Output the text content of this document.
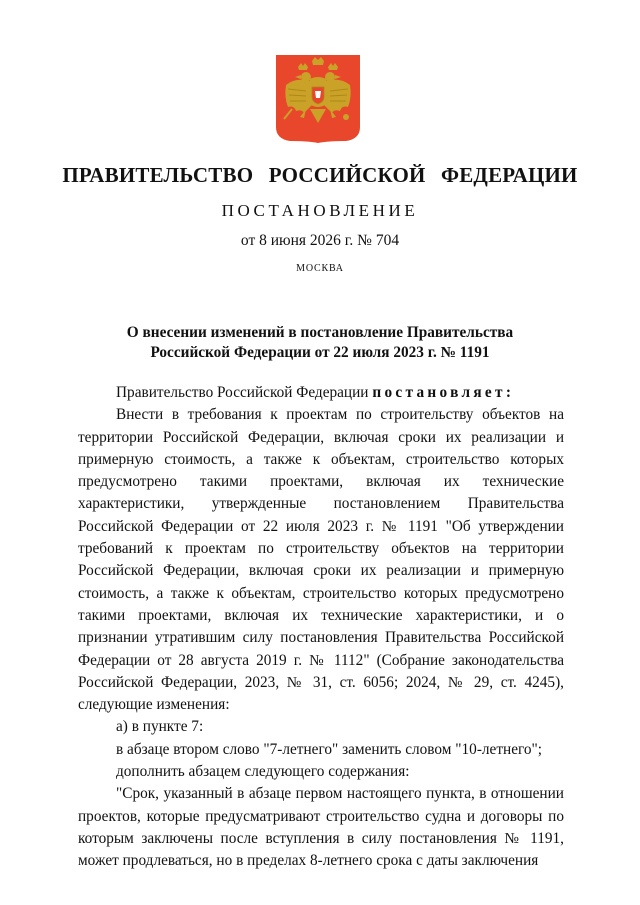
ПРАВИТЕЛЬСТВО РОССИЙСКОЙ ФЕДЕРАЦИИ
ПОСТАНОВЛЕНИЕ
от 8 июня 2026 г. № 704
МОСКВА
О внесении изменений в постановление Правительства
Российской Федерации от 22 июля 2023 г. № 1191

Правительство Российской Федерации постановляет:

Внести в требования к проектам по строительству объектов на территории Российской Федерации, включая сроки их реализации и примерную стоимость, а также к объектам, строительство которых предусмотрено такими проектами, включая их технические характеристики, утвержденные постановлением Правительства Российской Федерации от 22 июля 2023 г. № 1191 "Об утверждении требований к проектам по строительству объектов на территории Российской Федерации, включая сроки их реализации и примерную стоимость, а также к объектам, строительство которых предусмотрено такими проектами, включая их технические характеристики, и о признании утратившим силу постановления Правительства Российской Федерации от 28 августа 2019 г. № 1112" (Собрание законодательства Российской Федерации, 2023, № 31, ст. 6056; 2024, № 29, ст. 4245), следующие изменения:

а) в пункте 7:

в абзаце втором слово "7-летнего" заменить словом "10-летнего";

дополнить абзацем следующего содержания:

"Срок, указанный в абзаце первом настоящего пункта, в отношении проектов, которые предусматривают строительство судна и договоры по которым заключены после вступления в силу постановления № 1191, может продлеваться, но в пределах 8-летнего срока с даты заключения
